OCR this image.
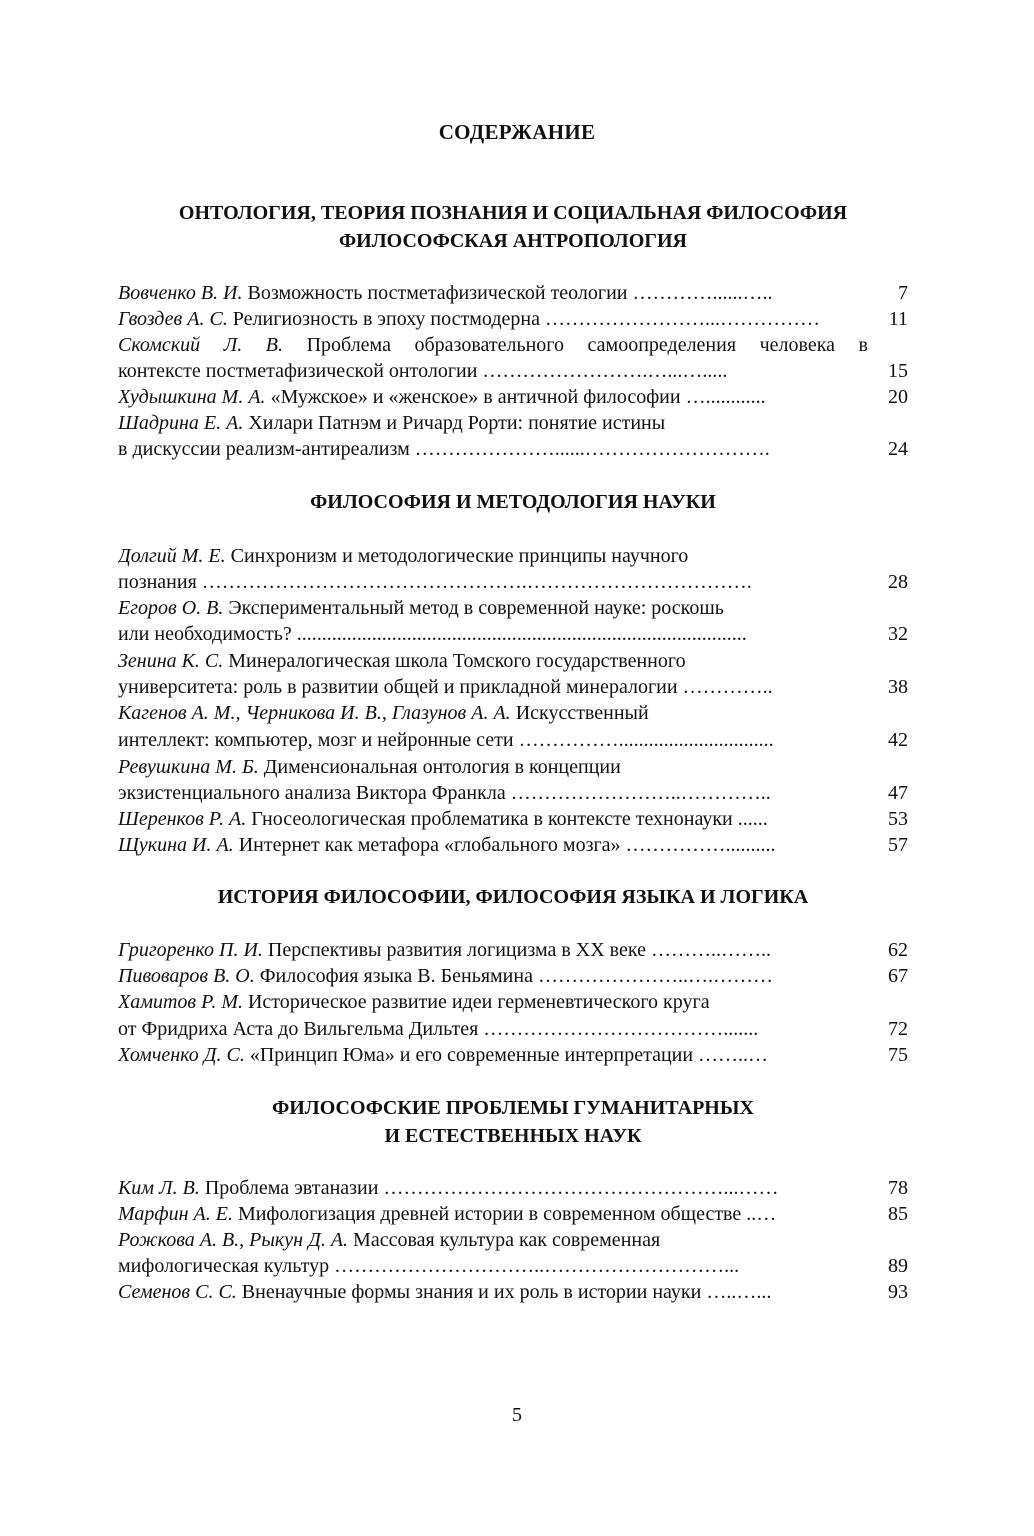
СОДЕРЖАНИЕ
ОНТОЛОГИЯ, ТЕОРИЯ ПОЗНАНИЯ И СОЦИАЛЬНАЯ ФИЛОСОФИЯ
ФИЛОСОФСКАЯ АНТРОПОЛОГИЯ
Вовченко В. И. Возможность постметафизической теологии …………......…..	7
Гвоздев А. С. Религиозность в эпоху постмодерна ……………………...……………	11
Скомский Л. В. Проблема образовательного самоопределения человека в
контексте постметафизической онтологии …………………….…...….....	15
Худышкина М. А. «Мужское» и «женское» в античной философии …............	20
Шадрина Е. А. Хилари Патнэм и Ричард Рорти: понятие истины
в дискуссии реализм-антиреализм …………………......……………………….	24
ФИЛОСОФИЯ И МЕТОДОЛОГИЯ НАУКИ
Долгий М. Е. Синхронизм и методологические принципы научного
познания ………………………………………….…………………………….	28
Егоров О. В. Экспериментальный метод в современной науке: роскошь
или необходимость? ..........................................................................................	32
Зенина К. С. Минералогическая школа Томского государственного
университета: роль в развитии общей и прикладной минералогии …………..	38
Кагенов А. М., Черникова И. В., Глазунов А. А. Искусственный
интеллект: компьютер, мозг и нейронные сети ……………...............................	42
Ревушкина М. Б. Дименсиональная онтология в концепции
экзистенциального анализа Виктора Франкла ……………………..…………..	47
Шеренков Р. А. Гносеологическая проблематика в контексте технонауки ......	53
Щукина И. А. Интернет как метафора «глобального мозга» ……………..........	57
ИСТОРИЯ ФИЛОСОФИИ, ФИЛОСОФИЯ ЯЗЫКА И ЛОГИКА
Григоренко П. И. Перспективы развития логицизма в ХХ веке ………..……..	62
Пивоваров В. О. Философия языка В. Беньямина …………………..….………	67
Хамитов Р. М. Историческое развитие идеи герменевтического круга
от Фридриха Аста до Вильгельма Дильтея ……………………………….......	72
Хомченко Д. С. «Принцип Юма» и его современные интерпретации ……..…	75
ФИЛОСОФСКИЕ ПРОБЛЕМЫ ГУМАНИТАРНЫХ
И ЕСТЕСТВЕННЫХ НАУК
Ким Л. В. Проблема эвтаназии ……………………………………………...……	78
Марфин А. Е. Мифологизация древней истории в современном обществе ..…	85
Рожкова А. В., Рыкун Д. А. Массовая культура как современная
мифологическая культур …………………………..………………………...	89
Семенов С. С. Вненаучные формы знания и их роль в истории науки …..…...	93
5
